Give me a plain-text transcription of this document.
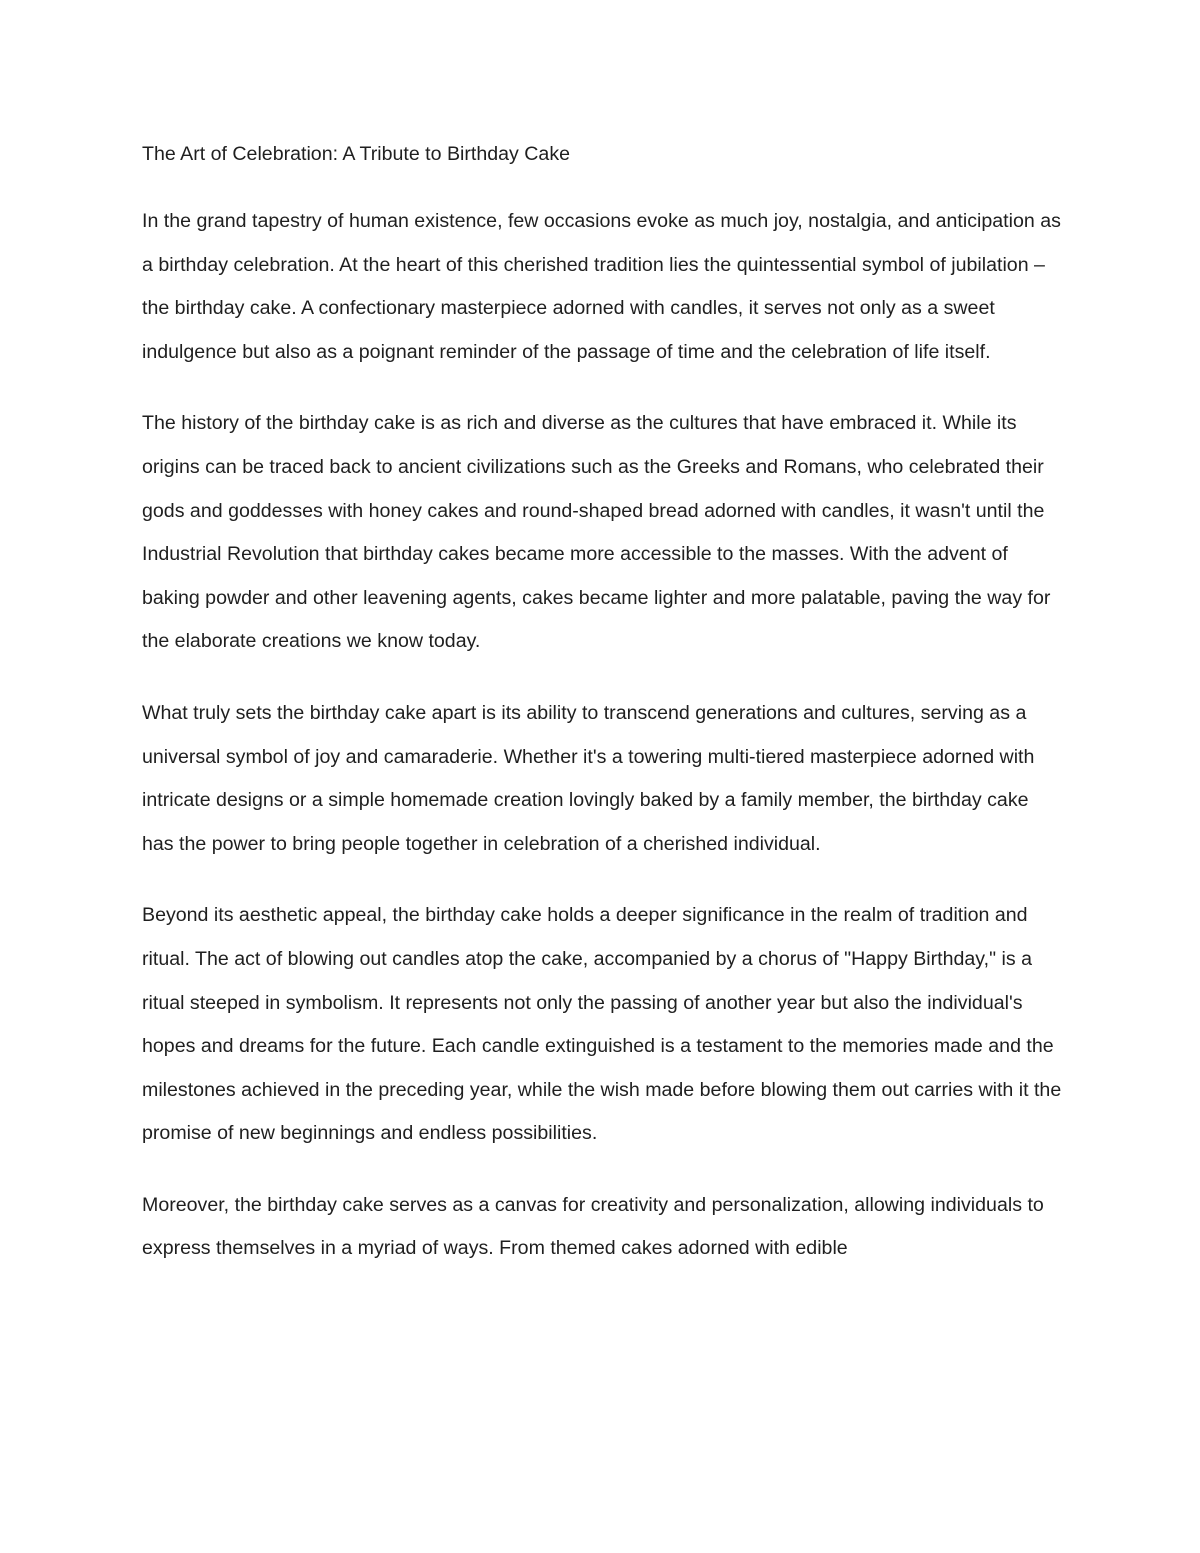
The Art of Celebration: A Tribute to Birthday Cake

In the grand tapestry of human existence, few occasions evoke as much joy, nostalgia, and anticipation as a birthday celebration. At the heart of this cherished tradition lies the quintessential symbol of jubilation – the birthday cake. A confectionary masterpiece adorned with candles, it serves not only as a sweet indulgence but also as a poignant reminder of the passage of time and the celebration of life itself.

The history of the birthday cake is as rich and diverse as the cultures that have embraced it. While its origins can be traced back to ancient civilizations such as the Greeks and Romans, who celebrated their gods and goddesses with honey cakes and round-shaped bread adorned with candles, it wasn't until the Industrial Revolution that birthday cakes became more accessible to the masses. With the advent of baking powder and other leavening agents, cakes became lighter and more palatable, paving the way for the elaborate creations we know today.

What truly sets the birthday cake apart is its ability to transcend generations and cultures, serving as a universal symbol of joy and camaraderie. Whether it's a towering multi-tiered masterpiece adorned with intricate designs or a simple homemade creation lovingly baked by a family member, the birthday cake has the power to bring people together in celebration of a cherished individual.

Beyond its aesthetic appeal, the birthday cake holds a deeper significance in the realm of tradition and ritual. The act of blowing out candles atop the cake, accompanied by a chorus of "Happy Birthday," is a ritual steeped in symbolism. It represents not only the passing of another year but also the individual's hopes and dreams for the future. Each candle extinguished is a testament to the memories made and the milestones achieved in the preceding year, while the wish made before blowing them out carries with it the promise of new beginnings and endless possibilities.

Moreover, the birthday cake serves as a canvas for creativity and personalization, allowing individuals to express themselves in a myriad of ways. From themed cakes adorned with edible
